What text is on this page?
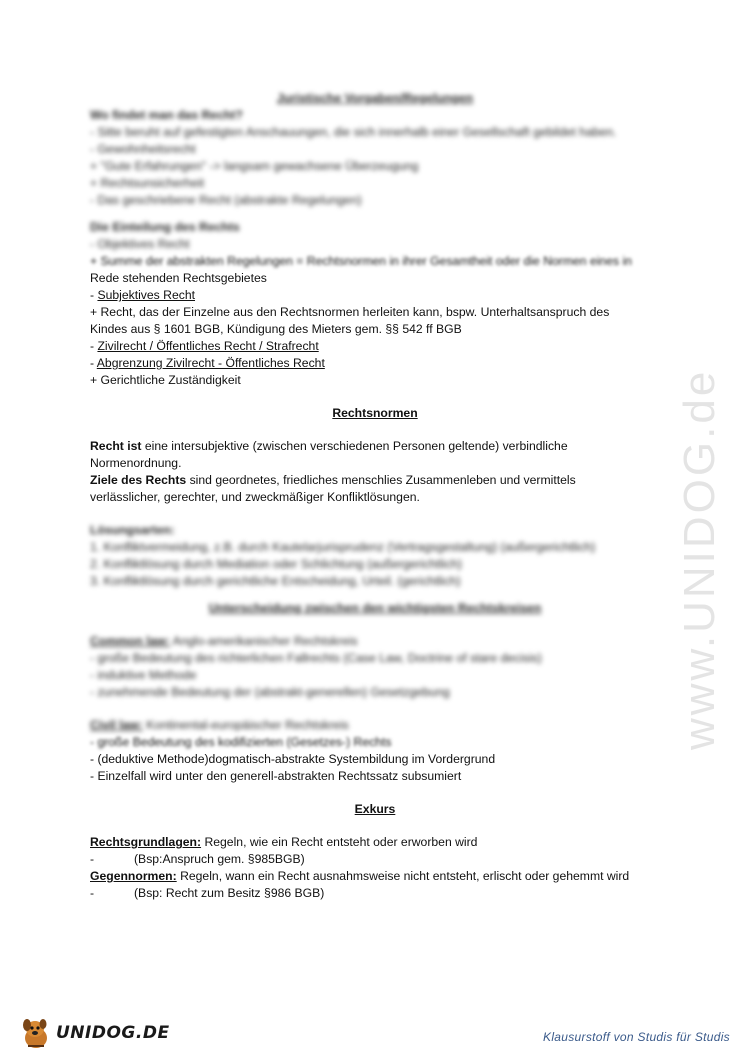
www.UNIDOG.de
Juristische Vorgaben/Regelungen
Wo findet man das Recht?
- Sitte beruht auf gefestigten Anschauungen, die sich innerhalb einer Gesellschaft gebildet haben.
- Gewohnheitsrecht
+ "Gute Erfahrungen" -> langsam gewachsene Überzeugung
+ Rechtsunsicherheit
- Das geschriebene Recht (abstrakte Regelungen)
Die Einteilung des Rechts
- Objektives Recht
+ Summe der abstrakten Regelungen = Rechtsnormen in ihrer Gesamtheit oder die Normen eines in
Rede stehenden Rechtsgebietes
- Subjektives Recht
+ Recht, das der Einzelne aus den Rechtsnormen herleiten kann, bspw. Unterhaltsanspruch des
Kindes aus § 1601 BGB, Kündigung des Mieters gem. §§ 542 ff BGB
- Zivilrecht / Öffentliches Recht / Strafrecht
- Abgrenzung Zivilrecht - Öffentliches Recht
+ Gerichtliche Zuständigkeit
Rechtsnormen
Recht ist eine intersubjektive (zwischen verschiedenen Personen geltende) verbindliche
Normenordnung.
Ziele des Rechts sind geordnetes, friedliches menschlies Zusammenleben und vermittels
verlässlicher, gerechter, und zweckmäßiger Konfliktlösungen.
Lösungsarten:
1. Konfliktvermeidung, z.B. durch Kautelarjurisprudenz (Vertragsgestaltung) (außergerichtlich)
2. Konfliktlösung durch Mediation oder Schlichtung (außergerichtlich)
3. Konfliktlösung durch gerichtliche Entscheidung, Urteil. (gerichtlich)
Unterscheidung zwischen den wichtigsten Rechtskreisen
Common law: Anglo-amerikanischer Rechtskreis
- große Bedeutung des richterlichen Fallrechts (Case Law, Doctrine of stare decisis)
- induktive Methode
- zunehmende Bedeutung der (abstrakt-generellen) Gesetzgebung
Civil law: Kontinental-europäischer Rechtskreis
- große Bedeutung des kodifizierten (Gesetzes-) Rechts
- (deduktive Methode)dogmatisch-abstrakte Systembildung im Vordergrund
- Einzelfall wird unter den generell-abstrakten Rechtssatz subsumiert
Exkurs
Rechtsgrundlagen: Regeln, wie ein Recht entsteht oder erworben wird
-	(Bsp:Anspruch gem. §985BGB)
Gegennormen: Regeln, wann ein Recht ausnahmsweise nicht entsteht, erlischt oder gehemmt wird
-	(Bsp: Recht zum Besitz §986 BGB)
UNIDOG.DE	Klausurstoff von Studis für Studis
